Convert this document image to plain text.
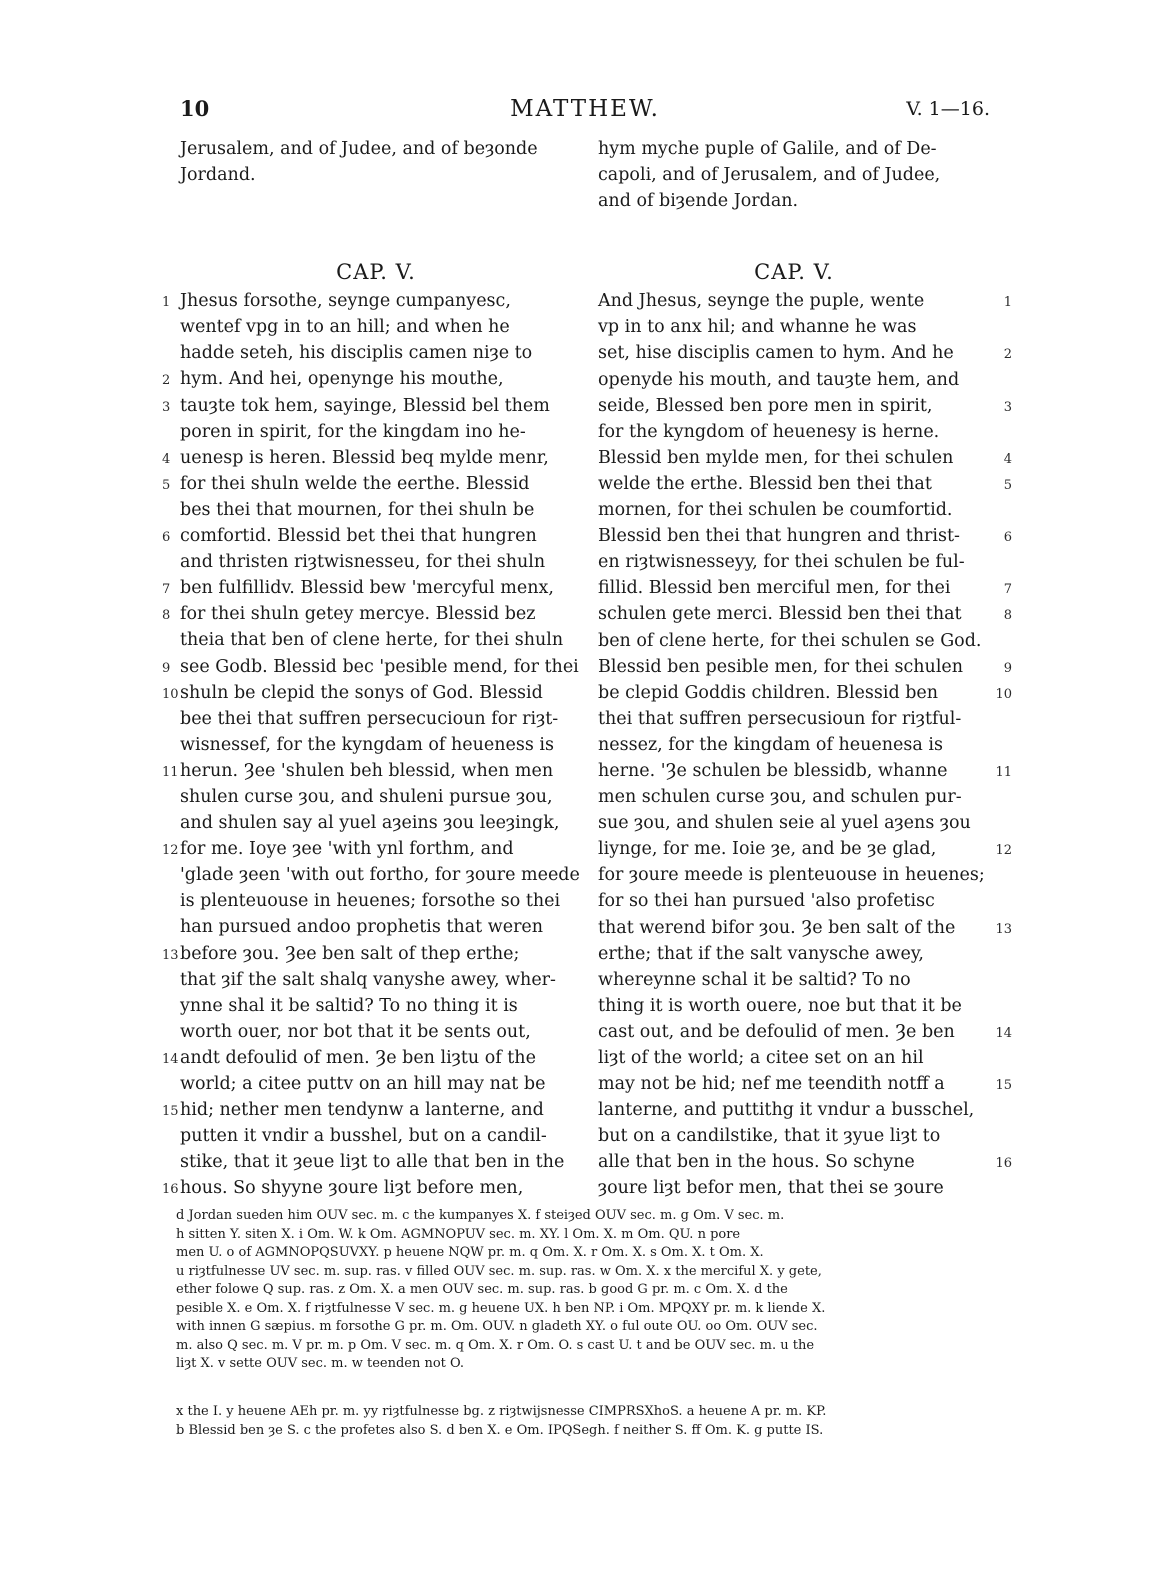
10	MATTHEW.	V. 1—16.
Jerusalem, and of Judee, and of beȝonde
Jordand.
CAP. V.
Jhesus forsothe, seynge cumpanyesc,
1
wentef vpg in to an hill; and when he
hadde seteh, his disciplis camen niȝe to
hym. And hei, openynge his mouthe,
2
tauȝte tok hem, sayinge, Blessid bel them
3
poren in spirit, for the kingdam ino he-
uenesp is heren. Blessid beq mylde menr,
4
for thei shuln welde the eerthe. Blessid
5
bes thei that mournen, for thei shuln be
comfortid. Blessid bet thei that hungren
6
and thristen riȝtwisnesseu, for thei shuln
ben fulfillidv. Blessid bew 'mercyful menx,
7
for thei shuln getey mercye. Blessid bez
8
theia that ben of clene herte, for thei shuln
see Godb. Blessid bec 'pesible mend, for thei
9
shuln be clepid the sonys of God. Blessid
10
bee thei that suffren persecucioun for riȝt-
wisnessef, for the kyngdam of heueness is
herun. Ȝee 'shulen beh blessid, when men
11
shulen curse ȝou, and shuleni pursue ȝou,
and shulen say al yuel aȝeins ȝou leeȝingk,
for me. Ioye ȝee 'with ynl forthm, and
12
'glade ȝeen 'with out fortho, for ȝoure meede
is plenteuouse in heuenes; forsothe so thei
han pursued andoo prophetis that weren
before ȝou. Ȝee ben salt of thep erthe;
13
that ȝif the salt shalq vanyshe awey, wher-
ynne shal it be saltid? To no thing it is
worth ouer, nor bot that it be sents out,
andt defoulid of men. Ȝe ben liȝtu of the
14
world; a citee puttv on an hill may nat be
hid; nether men tendynw a lanterne, and
15
putten it vndir a busshel, but on a candil-
stike, that it ȝeue liȝt to alle that ben in the
hous. So shyyne ȝoure liȝt before men,
16
hym myche puple of Galile, and of De-
capoli, and of Jerusalem, and of Judee,
and of biȝende Jordan.
CAP. V.
And Jhesus, seynge the puple, wente	1
vp in to anx hil; and whanne he was
set, hise disciplis camen to hym. And he	2
openyde his mouth, and tauȝte hem, and
seide, Blessed ben pore men in spirit,	3
for the kyngdom of heuenesy is herne.
Blessid ben mylde men, for thei schulen	4
welde the erthe. Blessid ben thei that	5
mornen, for thei schulen be coumfortid.
Blessid ben thei that hungren and thrist-	6
en riȝtwisnesseyy, for thei schulen be ful-
fillid. Blessid ben merciful men, for thei	7
schulen gete merci. Blessid ben thei that	8
ben of clene herte, for thei schulen se God.
Blessid ben pesible men, for thei schulen	9
be clepid Goddis children. Blessid ben	10
thei that suffren persecusioun for riȝtful-
nessez, for the kingdam of heuenesa is
herne. 'Ȝe schulen be blessidb, whanne	11
men schulen curse ȝou, and schulen pur-
sue ȝou, and shulen seie al yuel aȝens ȝou
liynge, for me. Ioie ȝe, and be ȝe glad,	12
for ȝoure meede is plenteuouse in heuenes;
for so thei han pursued 'also profetisc
that werend bifor ȝou. Ȝe ben salt of the	13
erthe; that if the salt vanysche awey,
whereynne schal it be saltid? To no
thing it is worth ouere, noe but that it be
cast out, and be defoulid of men. Ȝe ben	14
liȝt of the world; a citee set on an hil
may not be hid; nef me teendith notff a	15
lanterne, and puttithg it vndur a busschel,
but on a candilstike, that it ȝyue liȝt to
alle that ben in the hous. So schyne	16
ȝoure liȝt befor men, that thei se ȝoure
d Jordan sueden him OUV sec. m. c the kumpanyes X. f steiȝed OUV sec. m. g Om. V sec. m.
h sitten Y. siten X. i Om. W. k Om. AGMNOPUV sec. m. XY. l Om. X. m Om. QU. n pore
men U. o of AGMNOPQSUVXY. p heuene NQW pr. m. q Om. X. r Om. X. s Om. X. t Om. X.
u riȝtfulnesse UV sec. m. sup. ras. v filled OUV sec. m. sup. ras. w Om. X. x the merciful X. y gete,
ether folowe Q sup. ras. z Om. X. a men OUV sec. m. sup. ras. b good G pr. m. c Om. X. d the
pesible X. e Om. X. f riȝtfulnesse V sec. m. g heuene UX. h ben NP. i Om. MPQXY pr. m. k liende X.
with innen G sæpius. m forsothe G pr. m. Om. OUV. n gladeth XY. o ful oute OU. oo Om. OUV sec.
m. also Q sec. m. V pr. m. p Om. V sec. m. q Om. X. r Om. O. s cast U. t and be OUV sec. m. u the
liȝt X. v sette OUV sec. m. w teenden not O.
x the I. y heuene AEh pr. m. yy riȝtfulnesse bg. z riȝtwijsnesse CIMPRSXhoS. a heuene A pr. m. KP.
b Blessid ben ȝe S. c the profetes also S. d ben X. e Om. IPQSegh. f neither S. ff Om. K. g putte IS.
